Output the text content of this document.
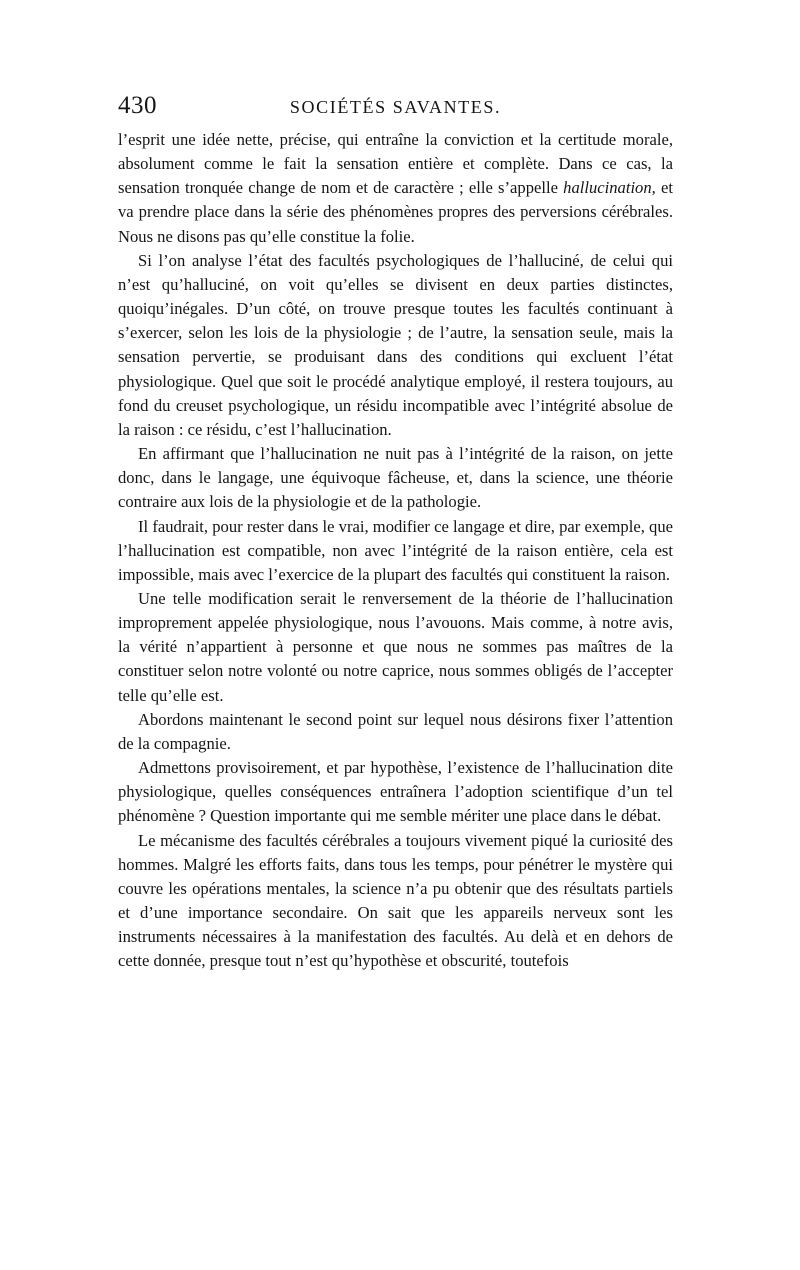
430	SOCIÉTÉS SAVANTES.

l’esprit une idée nette, précise, qui entraîne la conviction et la certitude morale, absolument comme le fait la sensation entière et complète. Dans ce cas, la sensation tronquée change de nom et de caractère ; elle s’appelle hallucination, et va prendre place dans la série des phénomènes propres des perversions cérébrales. Nous ne disons pas qu’elle constitue la folie.

Si l’on analyse l’état des facultés psychologiques de l’halluciné, de celui qui n’est qu’halluciné, on voit qu’elles se divisent en deux parties distinctes, quoiqu’inégales. D’un côté, on trouve presque toutes les facultés continuant à s’exercer, selon les lois de la physiologie ; de l’autre, la sensation seule, mais la sensation pervertie, se produisant dans des conditions qui excluent l’état physiologique. Quel que soit le procédé analytique employé, il restera toujours, au fond du creuset psychologique, un résidu incompatible avec l’intégrité absolue de la raison : ce résidu, c’est l’hallucination.

En affirmant que l’hallucination ne nuit pas à l’intégrité de la raison, on jette donc, dans le langage, une équivoque fâcheuse, et, dans la science, une théorie contraire aux lois de la physiologie et de la pathologie.

Il faudrait, pour rester dans le vrai, modifier ce langage et dire, par exemple, que l’hallucination est compatible, non avec l’intégrité de la raison entière, cela est impossible, mais avec l’exercice de la plupart des facultés qui constituent la raison.

Une telle modification serait le renversement de la théorie de l’hallucination improprement appelée physiologique, nous l’avouons. Mais comme, à notre avis, la vérité n’appartient à personne et que nous ne sommes pas maîtres de la constituer selon notre volonté ou notre caprice, nous sommes obligés de l’accepter telle qu’elle est.

Abordons maintenant le second point sur lequel nous désirons fixer l’attention de la compagnie.

Admettons provisoirement, et par hypothèse, l’existence de l’hallucination dite physiologique, quelles conséquences entraînera l’adoption scientifique d’un tel phénomène ? Question importante qui me semble mériter une place dans le débat.

Le mécanisme des facultés cérébrales a toujours vivement piqué la curiosité des hommes. Malgré les efforts faits, dans tous les temps, pour pénétrer le mystère qui couvre les opérations mentales, la science n’a pu obtenir que des résultats partiels et d’une importance secondaire. On sait que les appareils nerveux sont les instruments nécessaires à la manifestation des facultés. Au delà et en dehors de cette donnée, presque tout n’est qu’hypothèse et obscurité, toutefois
